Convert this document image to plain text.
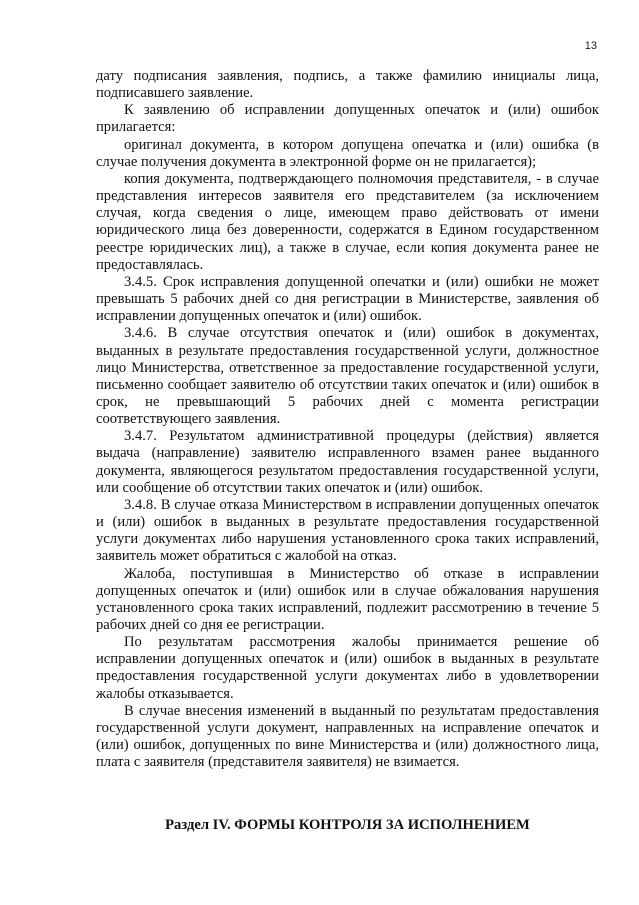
13

дату подписания заявления, подпись, а также фамилию инициалы лица, подписавшего заявление.

К заявлению об исправлении допущенных опечаток и (или) ошибок прилагается:

оригинал документа, в котором допущена опечатка и (или) ошибка (в случае получения документа в электронной форме он не прилагается);

копия документа, подтверждающего полномочия представителя, - в случае представления интересов заявителя его представителем (за исключением случая, когда сведения о лице, имеющем право действовать от имени юридического лица без доверенности, содержатся в Едином государственном реестре юридических лиц), а также в случае, если копия документа ранее не предоставлялась.

3.4.5. Срок исправления допущенной опечатки и (или) ошибки не может превышать 5 рабочих дней со дня регистрации в Министерстве, заявления об исправлении допущенных опечаток и (или) ошибок.

3.4.6. В случае отсутствия опечаток и (или) ошибок в документах, выданных в результате предоставления государственной услуги, должностное лицо Министерства, ответственное за предоставление государственной услуги, письменно сообщает заявителю об отсутствии таких опечаток и (или) ошибок в срок, не превышающий 5 рабочих дней с момента регистрации соответствующего заявления.

3.4.7. Результатом административной процедуры (действия) является выдача (направление) заявителю исправленного взамен ранее выданного документа, являющегося результатом предоставления государственной услуги, или сообщение об отсутствии таких опечаток и (или) ошибок.

3.4.8. В случае отказа Министерством в исправлении допущенных опечаток и (или) ошибок в выданных в результате предоставления государственной услуги документах либо нарушения установленного срока таких исправлений, заявитель может обратиться с жалобой на отказ.

Жалоба, поступившая в Министерство об отказе в исправлении допущенных опечаток и (или) ошибок или в случае обжалования нарушения установленного срока таких исправлений, подлежит рассмотрению в течение 5 рабочих дней со дня ее регистрации.

По результатам рассмотрения жалобы принимается решение об исправлении допущенных опечаток и (или) ошибок в выданных в результате предоставления государственной услуги документах либо в удовлетворении жалобы отказывается.

В случае внесения изменений в выданный по результатам предоставления государственной услуги документ, направленных на исправление опечаток и (или) ошибок, допущенных по вине Министерства и (или) должностного лица, плата с заявителя (представителя заявителя) не взимается.

Раздел IV. ФОРМЫ КОНТРОЛЯ ЗА ИСПОЛНЕНИЕМ
